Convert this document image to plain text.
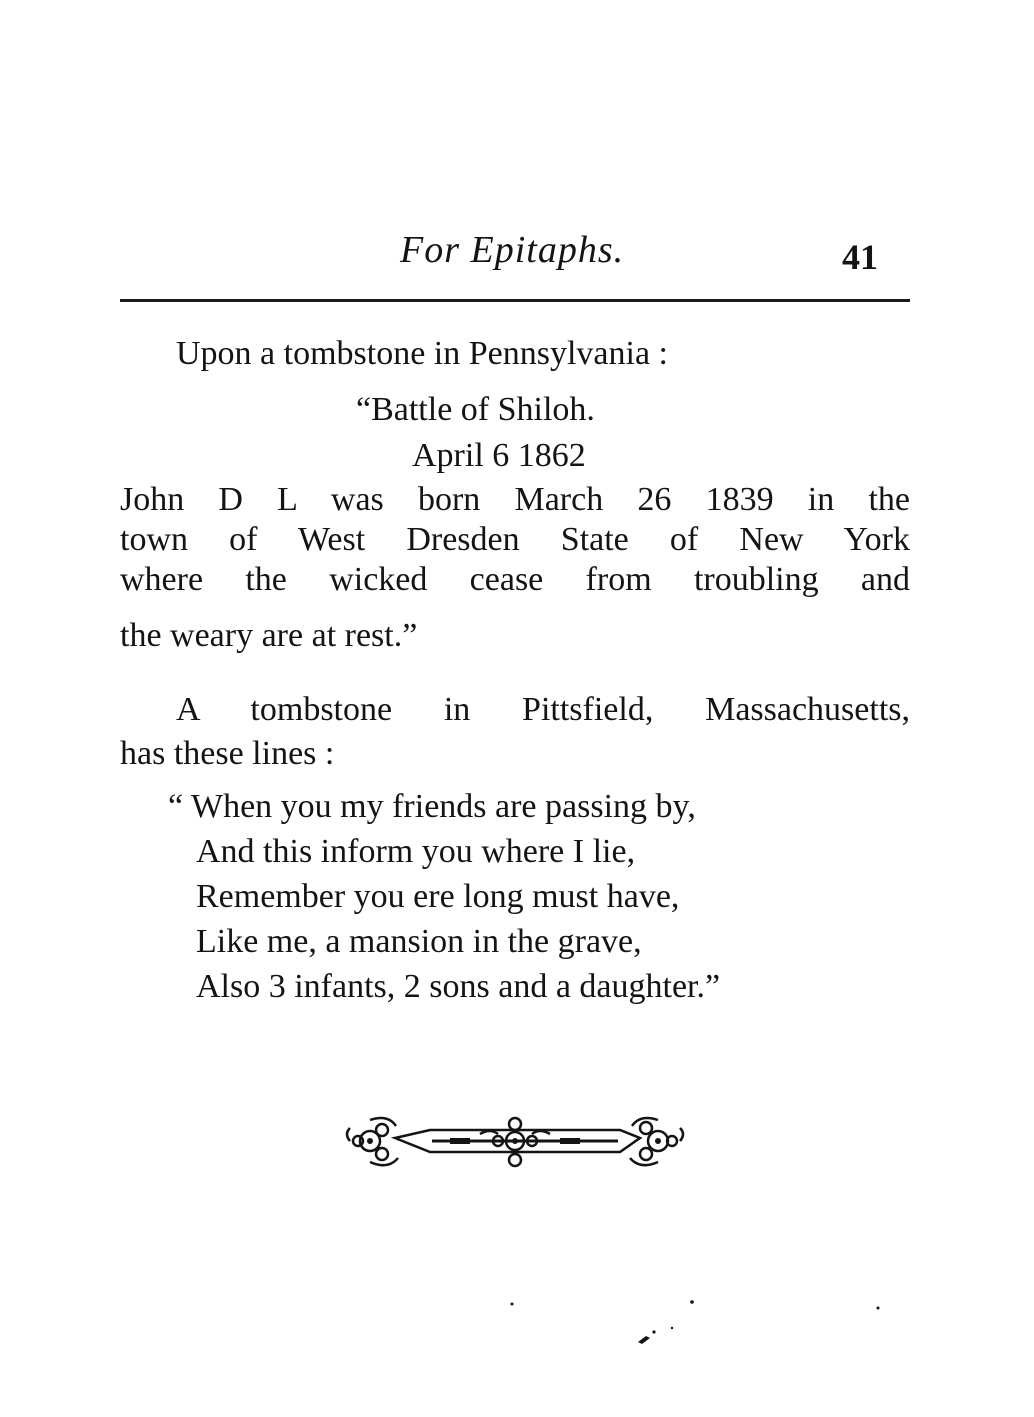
For Epitaphs.	41
Upon a tombstone in Pennsylvania :
“Battle of Shiloh.
April 6 1862
John D L was born March 26 1839 in the
town of West Dresden State of New York
where the wicked cease from troubling and
the weary are at rest.”
A tombstone in Pittsfield, Massachusetts,
has these lines :
“ When you my friends are passing by,
And this inform you where I lie,
Remember you ere long must have,
Like me, a mansion in the grave,
Also 3 infants, 2 sons and a daughter.”
